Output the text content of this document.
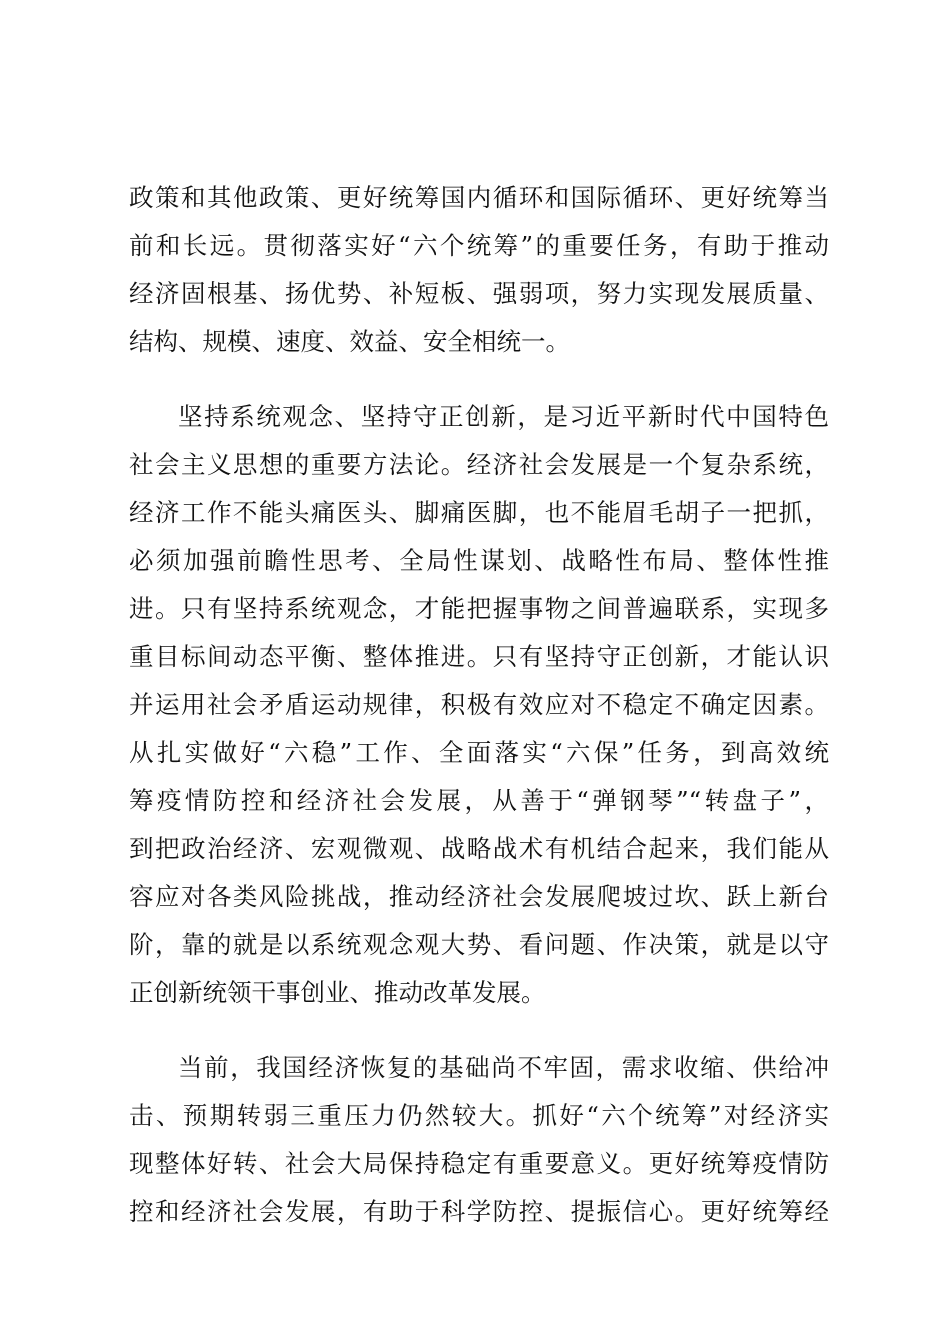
政策和其他政策、更好统筹国内循环和国际循环、更好统筹当
前和长远。贯彻落实好“六个统筹”的重要任务，有助于推动
经济固根基、扬优势、补短板、强弱项，努力实现发展质量、
结构、规模、速度、效益、安全相统一。
坚持系统观念、坚持守正创新，是习近平新时代中国特色
社会主义思想的重要方法论。经济社会发展是一个复杂系统，
经济工作不能头痛医头、脚痛医脚，也不能眉毛胡子一把抓，
必须加强前瞻性思考、全局性谋划、战略性布局、整体性推
进。只有坚持系统观念，才能把握事物之间普遍联系，实现多
重目标间动态平衡、整体推进。只有坚持守正创新，才能认识
并运用社会矛盾运动规律，积极有效应对不稳定不确定因素。
从扎实做好“六稳”工作、全面落实“六保”任务，到高效统
筹疫情防控和经济社会发展，从善于“弹钢琴”“转盘子”，
到把政治经济、宏观微观、战略战术有机结合起来，我们能从
容应对各类风险挑战，推动经济社会发展爬坡过坎、跃上新台
阶，靠的就是以系统观念观大势、看问题、作决策，就是以守
正创新统领干事创业、推动改革发展。
当前，我国经济恢复的基础尚不牢固，需求收缩、供给冲
击、预期转弱三重压力仍然较大。抓好“六个统筹”对经济实
现整体好转、社会大局保持稳定有重要意义。更好统筹疫情防
控和经济社会发展，有助于科学防控、提振信心。更好统筹经
